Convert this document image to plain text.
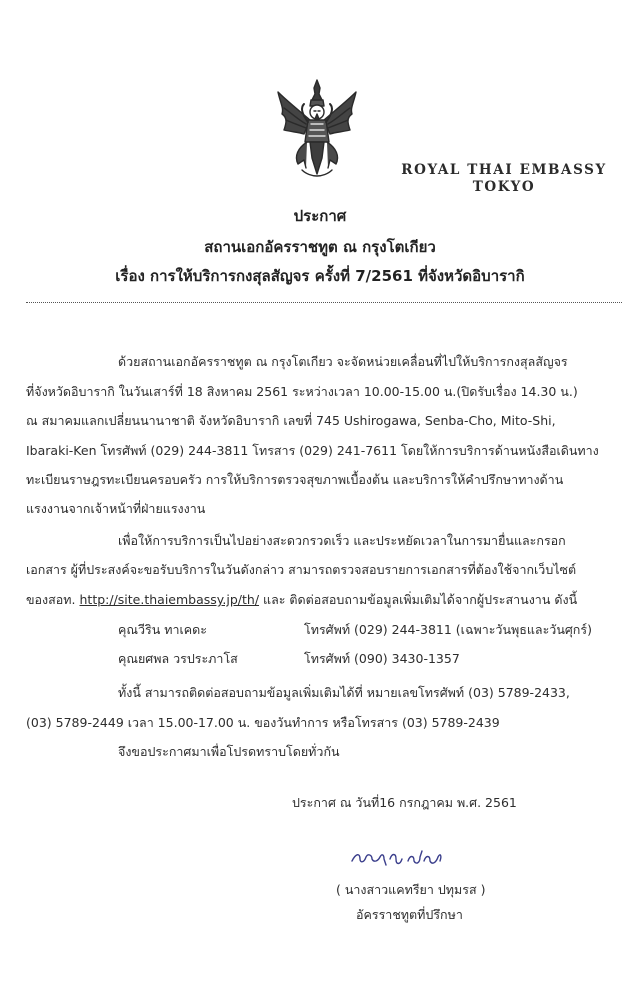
ROYAL THAI EMBASSY
TOKYO
ประกาศ
สถานเอกอัครราชทูต ณ กรุงโตเกียว
เรื่อง การให้บริการกงสุลสัญจร ครั้งที่ 7/2561 ที่จังหวัดอิบารากิ
ด้วยสถานเอกอัครราชทูต ณ กรุงโตเกียว จะจัดหน่วยเคลื่อนที่ไปให้บริการกงสุลสัญจร
ที่จังหวัดอิบารากิ ในวันเสาร์ที่ 18 สิงหาคม 2561 ระหว่างเวลา 10.00-15.00 น.(ปิดรับเรื่อง 14.30 น.)
ณ สมาคมแลกเปลี่ยนนานาชาติ จังหวัดอิบารากิ เลขที่ 745 Ushirogawa, Senba-Cho, Mito-Shi,
Ibaraki-Ken โทรศัพท์ (029) 244-3811 โทรสาร (029) 241-7611 โดยให้การบริการด้านหนังสือเดินทาง
ทะเบียนราษฎรทะเบียนครอบครัว การให้บริการตรวจสุขภาพเบื้องต้น และบริการให้คำปรึกษาทางด้าน
แรงงานจากเจ้าหน้าที่ฝ่ายแรงงาน
เพื่อให้การบริการเป็นไปอย่างสะดวกรวดเร็ว และประหยัดเวลาในการมายื่นและกรอก
เอกสาร ผู้ที่ประสงค์จะขอรับบริการในวันดังกล่าว สามารถตรวจสอบรายการเอกสารที่ต้องใช้จากเว็บไซต์
ของสอท. http://site.thaiembassy.jp/th/ และ ติดต่อสอบถามข้อมูลเพิ่มเติมได้จากผู้ประสานงาน ดังนี้
คุณวีริน ทาเคดะ	โทรศัพท์ (029) 244-3811 (เฉพาะวันพุธและวันศุกร์)
คุณยศพล วรประภาโส	โทรศัพท์ (090) 3430-1357
ทั้งนี้ สามารถติดต่อสอบถามข้อมูลเพิ่มเติมได้ที่ หมายเลขโทรศัพท์ (03) 5789-2433,
(03) 5789-2449 เวลา 15.00-17.00 น. ของวันทำการ หรือโทรสาร (03) 5789-2439
จึงขอประกาศมาเพื่อโปรดทราบโดยทั่วกัน
ประกาศ ณ วันที่16 กรกฎาคม พ.ศ. 2561
( นางสาวแคทรียา ปทุมรส )
อัครราชทูตที่ปรึกษา
